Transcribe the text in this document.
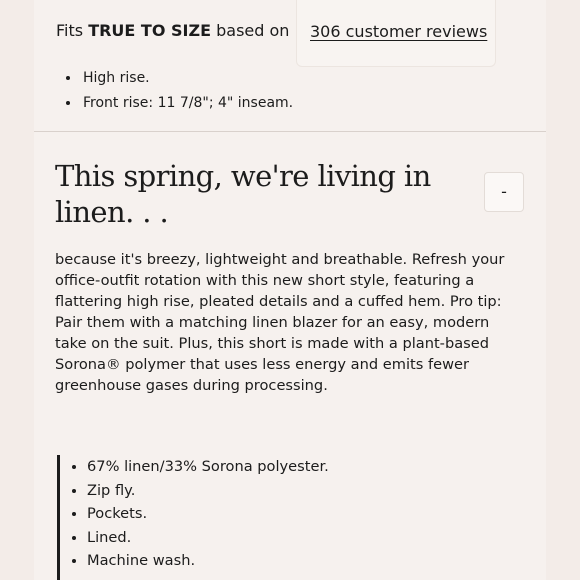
Fits TRUE TO SIZE based on 306 customer reviews
• High rise.
• Front rise: 11 7/8"; 4" inseam.
This spring, we're living in linen. . .
-

because it's breezy, lightweight and breathable. Refresh your office-outfit rotation with this new short style, featuring a flattering high rise, pleated details and a cuffed hem. Pro tip: Pair them with a matching linen blazer for an easy, modern take on the suit. Plus, this short is made with a plant-based Sorona® polymer that uses less energy and emits fewer greenhouse gases during processing.

• 67% linen/33% Sorona polyester.
• Zip fly.
• Pockets.
• Lined.
• Machine wash.
